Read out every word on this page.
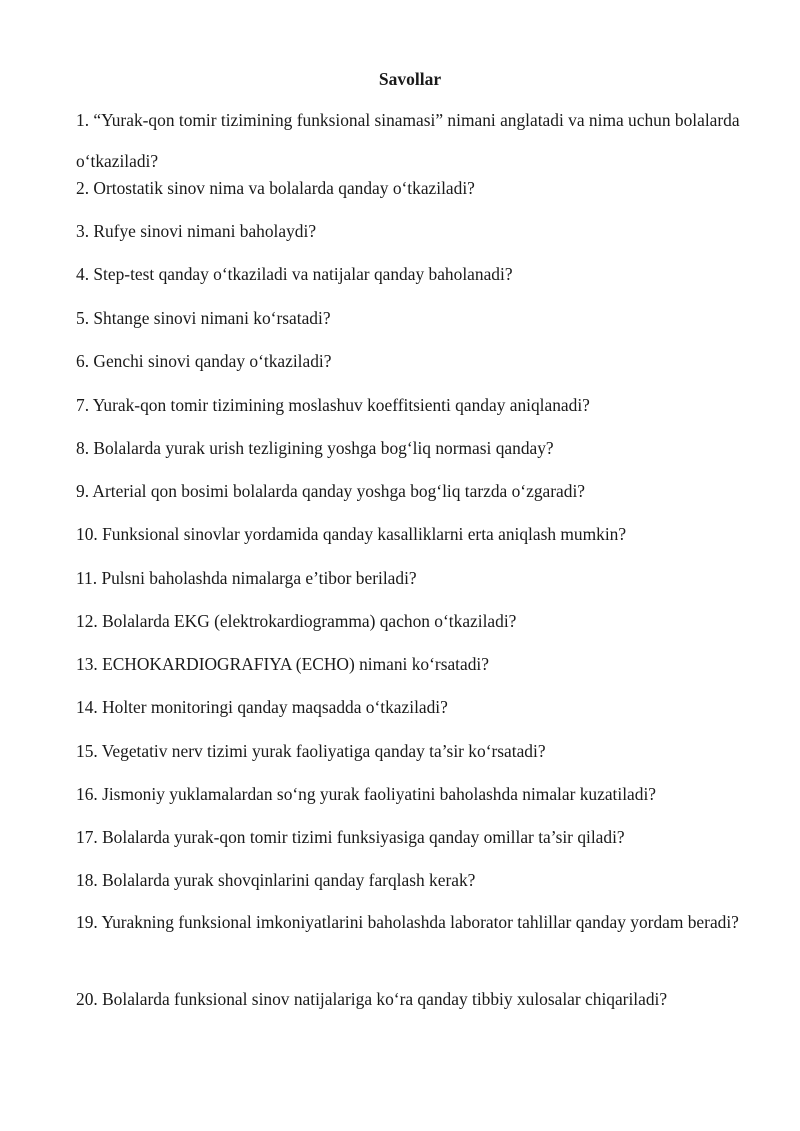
Savollar
1. “Yurak-qon tomir tizimining funksional sinamasi” nimani anglatadi va nima uchun bolalarda o‘tkaziladi?
2. Ortostatik sinov nima va bolalarda qanday o‘tkaziladi?
3. Rufye sinovi nimani baholaydi?
4. Step-test qanday o‘tkaziladi va natijalar qanday baholanadi?
5. Shtange sinovi nimani ko‘rsatadi?
6. Genchi sinovi qanday o‘tkaziladi?
7. Yurak-qon tomir tizimining moslashuv koeffitsienti qanday aniqlanadi?
8. Bolalarda yurak urish tezligining yoshga bog‘liq normasi qanday?
9. Arterial qon bosimi bolalarda qanday yoshga bog‘liq tarzda o‘zgaradi?
10. Funksional sinovlar yordamida qanday kasalliklarni erta aniqlash mumkin?
11. Pulsni baholashda nimalarga e’tibor beriladi?
12. Bolalarda EKG (elektrokardiogramma) qachon o‘tkaziladi?
13. ECHOKARDIOGRAFIYA (ECHO) nimani ko‘rsatadi?
14. Holter monitoringi qanday maqsadda o‘tkaziladi?
15. Vegetativ nerv tizimi yurak faoliyatiga qanday ta’sir ko‘rsatadi?
16. Jismoniy yuklamalardan so‘ng yurak faoliyatini baholashda nimalar kuzatiladi?
17. Bolalarda yurak-qon tomir tizimi funksiyasiga qanday omillar ta’sir qiladi?
18. Bolalarda yurak shovqinlarini qanday farqlash kerak?
19. Yurakning funksional imkoniyatlarini baholashda laborator tahlillar qanday yordam beradi?
20. Bolalarda funksional sinov natijalariga ko‘ra qanday tibbiy xulosalar chiqariladi?
